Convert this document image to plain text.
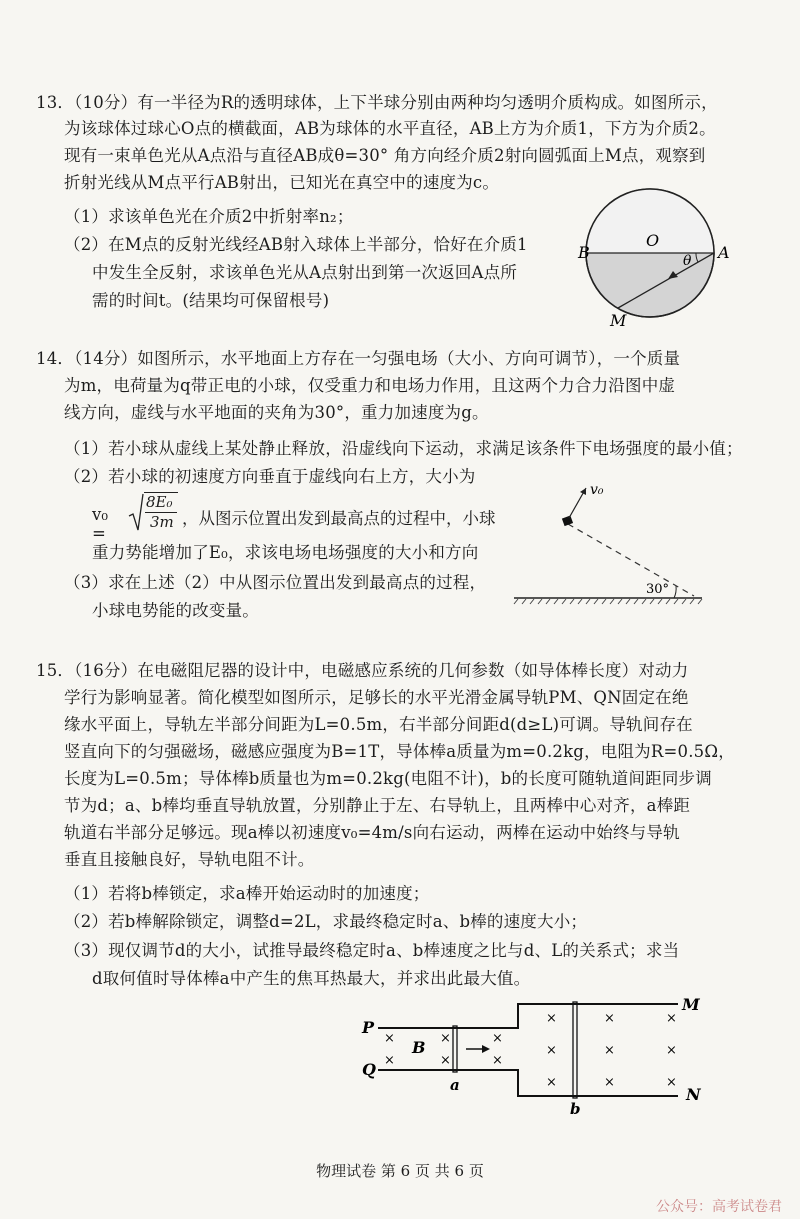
13．（10分）有一半径为R的透明球体，上下半球分别由两种均匀透明介质构成。如图所示，
为该球体过球心O点的横截面，AB为球体的水平直径，AB上方为介质1，下方为介质2。
现有一束单色光从A点沿与直径AB成θ=30° 角方向经介质2射向圆弧面上M点，观察到
折射光线从M点平行AB射出，已知光在真空中的速度为c。
（1）求该单色光在介质2中折射率n₂；
（2）在M点的反射光线经AB射入球体上半部分，恰好在介质1
中发生全反射，求该单色光从A点射出到第一次返回A点所
需的时间t。(结果均可保留根号)
B
O
A
θ
M
14．（14分）如图所示，水平地面上方存在一匀强电场（大小、方向可调节），一个质量
为m，电荷量为q带正电的小球，仅受重力和电场力作用，且这两个力合力沿图中虚
线方向，虚线与水平地面的夹角为30°，重力加速度为g。
（1）若小球从虚线上某处静止释放，沿虚线向下运动，求满足该条件下电场强度的最小值；
（2）若小球的初速度方向垂直于虚线向右上方，大小为
v₀ =
8E₀
3m ，从图示位置出发到最高点的过程中，小球
重力势能增加了E₀，求该电场电场强度的大小和方向
（3）求在上述（2）中从图示位置出发到最高点的过程，
小球电势能的改变量。
v₀
30°
15．（16分）在电磁阻尼器的设计中，电磁感应系统的几何参数（如导体棒长度）对动力
学行为影响显著。简化模型如图所示，足够长的水平光滑金属导轨PM、QN固定在绝
缘水平面上，导轨左半部分间距为L=0.5m，右半部分间距d(d≥L)可调。导轨间存在
竖直向下的匀强磁场，磁感应强度为B=1T，导体棒a质量为m=0.2kg，电阻为R=0.5Ω，
长度为L=0.5m；导体棒b质量也为m=0.2kg(电阻不计)，b的长度可随轨道间距同步调
节为d；a、b棒均垂直导轨放置，分别静止于左、右导轨上，且两棒中心对齐，a棒距
轨道右半部分足够远。现a棒以初速度v₀=4m/s向右运动，两棒在运动中始终与导轨
垂直且接触良好，导轨电阻不计。
（1）若将b棒锁定，求a棒开始运动时的加速度；
（2）若b棒解除锁定，调整d=2L，求最终稳定时a、b棒的速度大小；
（3）现仅调节d的大小，试推导最终稳定时a、b棒速度之比与d、L的关系式；求当
d取何值时导体棒a中产生的焦耳热最大，并求出此最大值。
×
×
×
×
×
×
×
×
×
×
×
×
×
×
×
P
Q
M
N
B
a
b
物理试卷 第 6 页 共 6 页
公众号：高考试卷君
